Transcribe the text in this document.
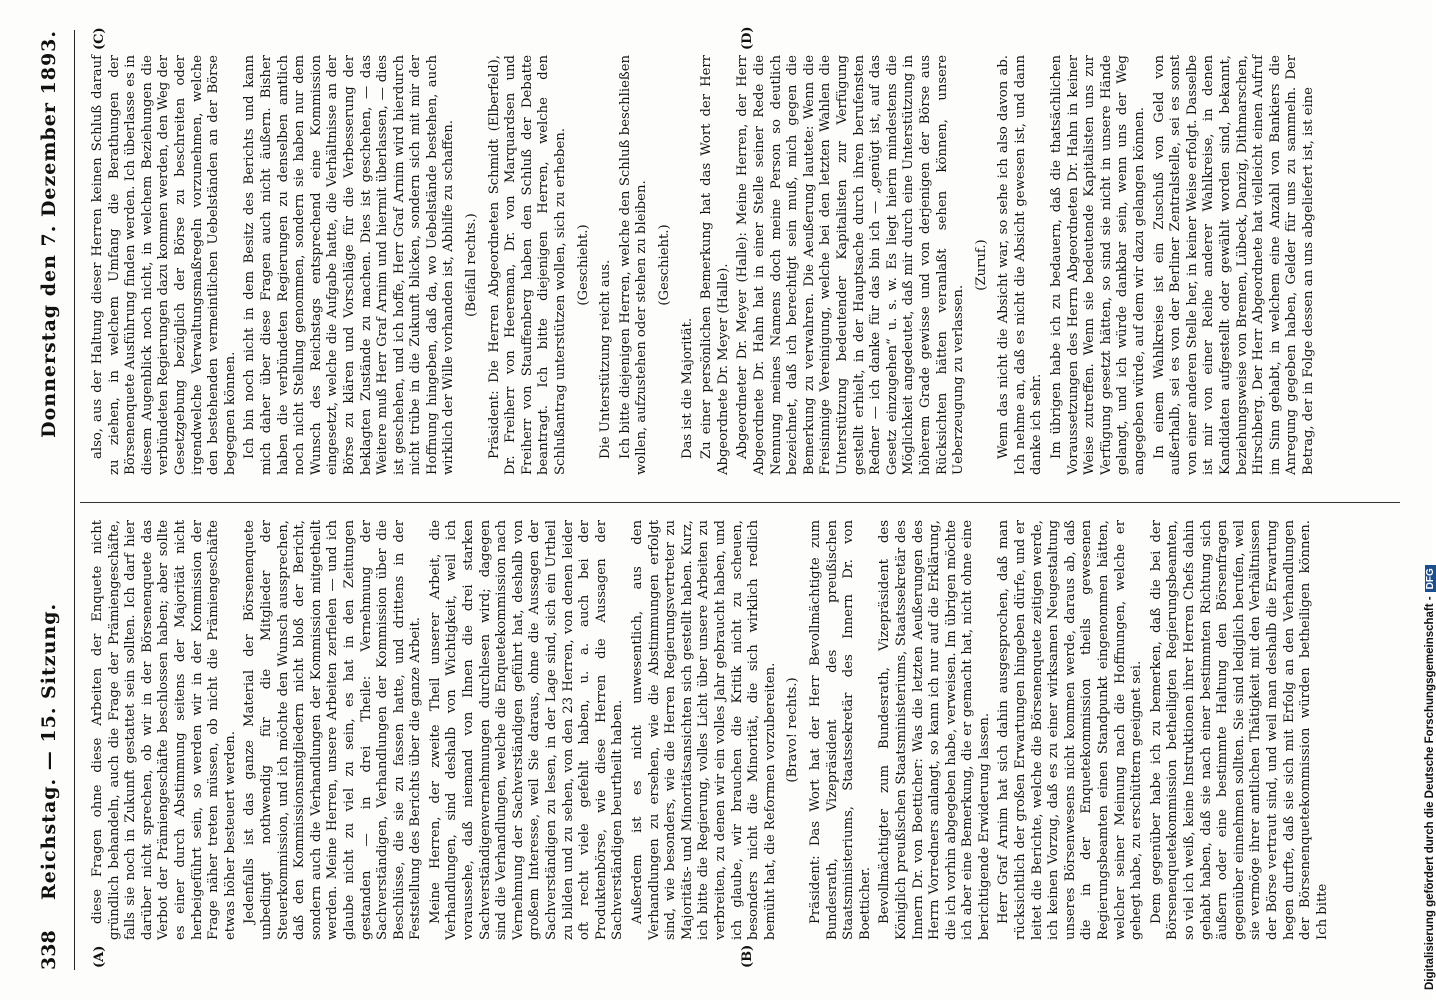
338
Reichstag. — 15. Sitzung.
Donnerstag den 7. Dezember 1893.
(A)	(B)
(C)	(D)

diese Fragen ohne diese Arbeiten der Enquete nicht gründlich behandeln, auch die Frage der Prämiengeschäfte, falls sie noch in Zukunft gestattet sein sollten. Ich darf hier darüber nicht sprechen, ob wir in der Börsenenquete das Verbot der Prämiengeschäfte beschlossen haben; aber sollte es einer durch Abstimmung seitens der Majorität nicht herbeigeführt sein, so werden wir in der Kommission der Frage näher treten müssen, ob nicht die Prämiengeschäfte etwas höher besteuert werden. Jedenfalls ist das ganze Material der Börsenenquete unbedingt nothwendig für die Mitglieder der Steuerkommission, und ich möchte den Wunsch aussprechen, daß den Kommissionsmitgliedern nicht bloß der Bericht, sondern auch die Verhandlungen der Kommission mitgetheilt werden. Meine Herren, unsere Arbeiten zerfielen — und ich glaube nicht zu viel zu sein, es hat in den Zeitungen gestanden — in drei Theile: Vernehmung der Sachverständigen, Verhandlungen der Kommission über die Beschlüsse, die sie zu fassen hatte, und drittens in der Feststellung des Berichts über die ganze Arbeit. Meine Herren, der zweite Theil unserer Arbeit, die Verhandlungen, sind deshalb von Wichtigkeit, weil ich voraussehe, daß niemand von Ihnen die drei starken Sachverständigenvernehmungen durchlesen wird; dagegen sind die Verhandlungen, welche die Enquetekommission nach Vernehmung der Sachverständigen geführt hat, deshalb von großem Interesse, weil Sie daraus, ohne die Aussagen der Sachverständigen zu lesen, in der Lage sind, sich ein Urtheil zu bilden und zu sehen, von den 23 Herren, von denen leider oft recht viele gefehlt haben, u. a. auch bei der Produktenbörse, wie diese Herren die Aussagen der Sachverständigen beurtheilt haben. Außerdem ist es nicht unwesentlich, aus den Verhandlungen zu ersehen, wie die Abstimmungen erfolgt sind, wie besonders, wie die Herren Regierungsvertreter zu Majoritäts- und Minoritätsansichten sich gestellt haben. Kurz, ich bitte die Regierung, volles Licht über unsere Arbeiten zu verbreiten, zu denen wir ein volles Jahr gebraucht haben, und ich glaube, wir brauchen die Kritik nicht zu scheuen, besonders nicht die Minorität, die sich wirklich redlich bemüht hat, die Reformen vorzubereiten. (Bravo! rechts.) Präsident: Das Wort hat der Herr Bevollmächtigte zum Bundesrath, Vizepräsident des preußischen Staatsministeriums, Staatssekretär des Innern Dr. von Boetticher. Bevollmächtigter zum Bundesrath, Vizepräsident des Königlich preußischen Staatsministeriums, Staatssekretär des Innern Dr. von Boetticher: Was die letzten Aeußerungen des Herrn Vorredners anlangt, so kann ich nur auf die Erklärung, die ich vorhin abgegeben habe, verweisen. Im übrigen möchte ich aber eine Bemerkung, die er gemacht hat, nicht ohne eine berichtigende Erwiderung lassen. Herr Graf Arnim hat sich dahin ausgesprochen, daß man rücksichtlich der großen Erwartungen hingeben dürfe, und er leitet die Berichte, welche die Börsenenquete zeitigen werde, ich keinen Vorzug, daß es zu einer wirksamen Neugestaltung unseres Börsenwesens nicht kommen werde, daraus ab, daß die in der Enquetekommission theils gewesenen Regierungsbeamten einen Standpunkt eingenommen hätten, welcher seiner Meinung nach die Hoffnungen, welche er gehegt habe, zu erschüttern geeignet sei. Dem gegenüber habe ich zu bemerken, daß die bei der Börsenenquetekommission betheiligten Regierungsbeamten, so viel ich weiß, keine Instruktionen ihrer Herren Chefs dahin gehabt haben, daß sie nach einer bestimmten Richtung sich äußern oder eine bestimmte Haltung den Börsenfragen gegenüber einnehmen sollten. Sie sind lediglich berufen, weil sie vermöge ihrer amtlichen Thätigkeit mit den Verhältnissen der Börse vertraut sind, und weil man deshalb die Erwartung hegen durfte, daß sie sich mit Erfolg an den Verhandlungen der Börsenenquetekommission würden betheiligen können. Ich bitte

also, aus der Haltung dieser Herren keinen Schluß darauf zu ziehen, in welchem Umfang die Berathungen der Börsenenquete Ausführung finden werden. Ich überlasse es in diesem Augenblick noch nicht, in welchem Beziehungen die verbündeten Regierungen dazu kommen werden, den Weg der Gesetzgebung bezüglich der Börse zu beschreiten oder irgendwelche Verwaltungsmaßregeln vorzunehmen, welche den bestehenden vermeintlichen Uebelständen an der Börse begegnen können. Ich bin noch nicht in dem Besitz des Berichts und kann mich daher über diese Fragen auch nicht äußern. Bisher haben die verbündeten Regierungen zu denselben amtlich noch nicht Stellung genommen, sondern sie haben nur dem Wunsch des Reichstags entsprechend eine Kommission eingesetzt, welche die Aufgabe hatte, die Verhältnisse an der Börse zu klären und Vorschläge für die Verbesserung der beklagten Zustände zu machen. Dies ist geschehen, — das Weitere muß Herr Graf Arnim und hiermit überlassen, — dies ist geschehen, und ich hoffe, Herr Graf Arnim wird hierdurch nicht trübe in die Zukunft blicken, sondern sich mit mir der Hoffnung hingeben, daß da, wo Uebelstände bestehen, auch wirklich der Wille vorhanden ist, Abhilfe zu schaffen. (Beifall rechts.) Präsident: Die Herren Abgeordneten Schmidt (Elberfeld), Dr. Freiherr von Heereman, Dr. von Marquardsen und Freiherr von Stauffenberg haben den Schluß der Debatte beantragt. Ich bitte diejenigen Herren, welche den Schlußantrag unterstützen wollen, sich zu erheben. (Geschieht.) Die Unterstützung reicht aus. Ich bitte diejenigen Herren, welche den Schluß beschließen wollen, aufzustehen oder stehen zu bleiben. (Geschieht.)

Das ist die Majorität. Zu einer persönlichen Bemerkung hat das Wort der Herr Abgeordnete Dr. Meyer (Halle). Abgeordneter Dr. Meyer (Halle): Meine Herren, der Herr Abgeordnete Dr. Hahn hat in einer Stelle seiner Rede die Nennung meines Namens doch meine Person so deutlich bezeichnet, daß ich berechtigt sein muß, mich gegen die Bemerkung zu verwahren. Die Aeußerung lautete: Wenn die Freisinnige Vereinigung, welche bei den letzten Wahlen die Unterstützung bedeutender Kapitalisten zur Verfügung gestellt erhielt, in der Hauptsache durch ihren berufensten Redner — ich danke für das bin ich — „genügt ist, auf das Gesetz einzugehen“ u. s. w. Es liegt hierin mindestens die Möglichkeit angedeutet, daß mir durch eine Unterstützung in höherem Grade gewisse und von derjenigen der Börse aus Rücksichten hätten veranlaßt sehen können, unsere Ueberzeugung zu verlassen.

(Zuruf.) Wenn das nicht die Absicht war, so sehe ich also davon ab. Ich nehme an, daß es nicht die Absicht gewesen ist, und dann danke ich sehr. Im übrigen habe ich zu bedauern, daß die thatsächlichen Voraussetzungen des Herrn Abgeordneten Dr. Hahn in keiner Weise zutreffen. Wenn sie bedeutende Kapitalisten uns zur Verfügung gesetzt hätten, so sind sie nicht in unsere Hände gelangt, und ich würde dankbar sein, wenn uns der Weg angegeben würde, auf dem wir dazu gelangen können. In einem Wahlkreise ist ein Zuschuß von Geld von außerhalb, sei es von der Berliner Zentralstelle, sei es sonst von einer anderen Stelle her, in keiner Weise erfolgt. Dasselbe ist mir von einer Reihe anderer Wahlkreise, in denen Kandidaten aufgestellt oder gewählt worden sind, bekannt, beziehungsweise von Bremen, Lübeck, Danzig, Dithmarschen, Hirschberg. Der Herr Abgeordnete hat vielleicht einen Aufruf im Sinn gehabt, in welchem eine Anzahl von Bankiers die Anregung gegeben haben, Gelder für uns zu sammeln. Der Betrag, der in Folge dessen an uns abgeliefert ist, ist eine

Digitalisierung gefördert durch die Deutsche Forschungsgemeinschaft -DFG
